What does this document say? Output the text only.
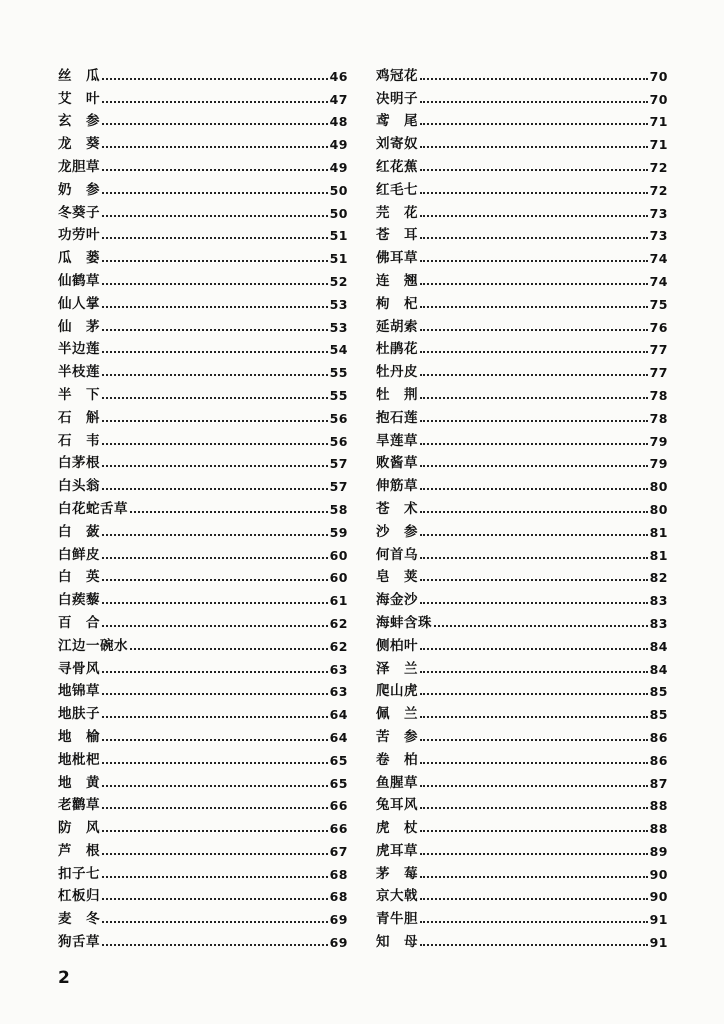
丝　瓜	46
艾　叶	47
玄　参	48
龙　葵	49
龙胆草	49
奶　参	50
冬葵子	50
功劳叶	51
瓜　蒌	51
仙鹤草	52
仙人掌	53
仙　茅	53
半边莲	54
半枝莲	55
半　下	55
石　斛	56
石　韦	56
白茅根	57
白头翁	57
白花蛇舌草	58
白　蔹	59
白鲜皮	60
白　英	60
白蒺藜	61
百　合	62
江边一碗水	62
寻骨风	63
地锦草	63
地肤子	64
地　榆	64
地枇杷	65
地　黄	65
老鹳草	66
防　风	66
芦　根	67
扣子七	68
杠板归	68
麦　冬	69
狗舌草	69
鸡冠花	70
决明子	70
鸢　尾	71
刘寄奴	71
红花蕉	72
红毛七	72
芫　花	73
苍　耳	73
佛耳草	74
连　翘	74
枸　杞	75
延胡索	76
杜鹃花	77
牡丹皮	77
牡　荆	78
抱石莲	78
旱莲草	79
败酱草	79
伸筋草	80
苍　术	80
沙　参	81
何首乌	81
皂　荚	82
海金沙	83
海蚌含珠	83
侧柏叶	84
泽　兰	84
爬山虎	85
佩　兰	85
苦　参	86
卷　柏	86
鱼腥草	87
兔耳风	88
虎　杖	88
虎耳草	89
茅　莓	90
京大戟	90
青牛胆	91
知　母	91
2
